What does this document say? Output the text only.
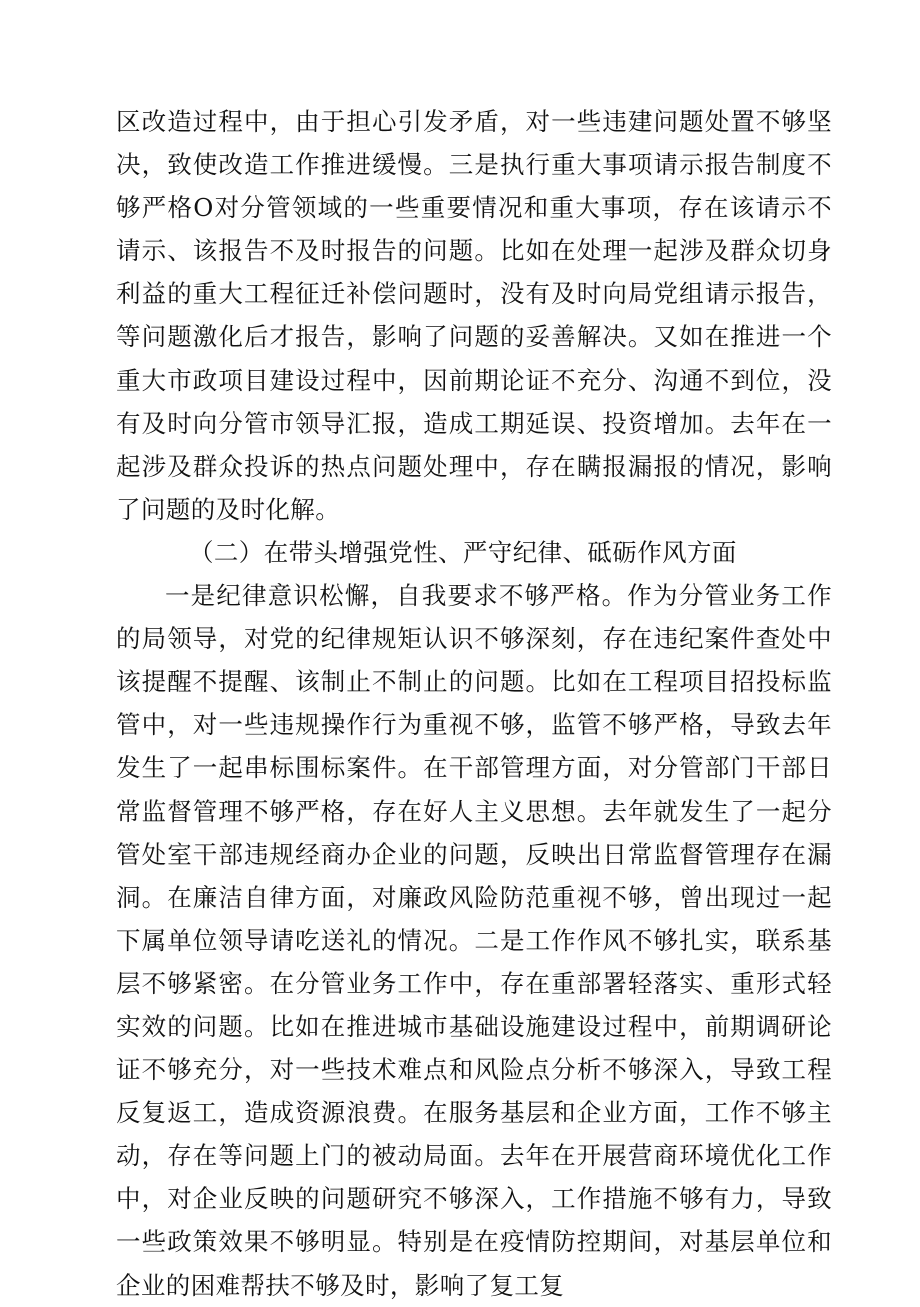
区改造过程中，由于担心引发矛盾，对一些违建问题处置不够坚决，致使改造工作推进缓慢。三是执行重大事项请示报告制度不够严格O对分管领域的一些重要情况和重大事项，存在该请示不请示、该报告不及时报告的问题。比如在处理一起涉及群众切身利益的重大工程征迁补偿问题时，没有及时向局党组请示报告，等问题激化后才报告，影响了问题的妥善解决。又如在推进一个重大市政项目建设过程中，因前期论证不充分、沟通不到位，没有及时向分管市领导汇报，造成工期延误、投资增加。去年在一起涉及群众投诉的热点问题处理中，存在瞒报漏报的情况，影响了问题的及时化解。

（二）在带头增强党性、严守纪律、砥砺作风方面

一是纪律意识松懈，自我要求不够严格。作为分管业务工作的局领导，对党的纪律规矩认识不够深刻，存在违纪案件查处中该提醒不提醒、该制止不制止的问题。比如在工程项目招投标监管中，对一些违规操作行为重视不够，监管不够严格，导致去年发生了一起串标围标案件。在干部管理方面，对分管部门干部日常监督管理不够严格，存在好人主义思想。去年就发生了一起分管处室干部违规经商办企业的问题，反映出日常监督管理存在漏洞。在廉洁自律方面，对廉政风险防范重视不够，曾出现过一起下属单位领导请吃送礼的情况。二是工作作风不够扎实，联系基层不够紧密。在分管业务工作中，存在重部署轻落实、重形式轻实效的问题。比如在推进城市基础设施建设过程中，前期调研论证不够充分，对一些技术难点和风险点分析不够深入，导致工程反复返工，造成资源浪费。在服务基层和企业方面，工作不够主动，存在等问题上门的被动局面。去年在开展营商环境优化工作中，对企业反映的问题研究不够深入，工作措施不够有力，导致一些政策效果不够明显。特别是在疫情防控期间，对基层单位和企业的困难帮扶不够及时，影响了复工复
